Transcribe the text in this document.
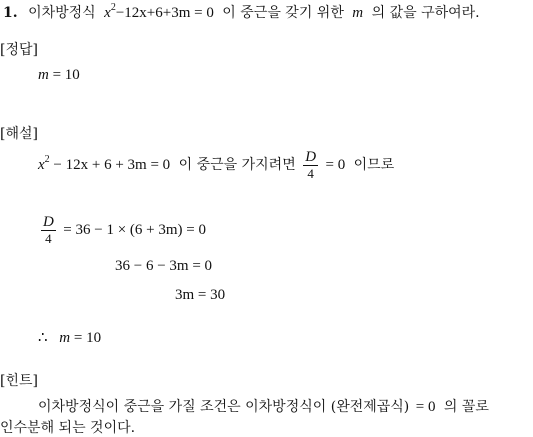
1. 이차방정식 $x^2-12x+6+3m = 0$ 이 중근을 갖기 위한 m 의 값을 구하여라.
[정답]
m = 10
[해설]
$x^2 - 12x + 6 + 3m = 0$ 이 중근을 가지려면 $\frac{D}{4} = 0$ 이므로
$\frac{D}{4} = 36 - 1 \times (6 + 3m) = 0$
36 − 6 − 3m = 0
3m = 30
∴ m = 10
[힌트]
이차방정식이 중근을 가질 조건은 이차방정식이 (완전제곱식) = 0 의 꼴로
인수분해 되는 것이다.
